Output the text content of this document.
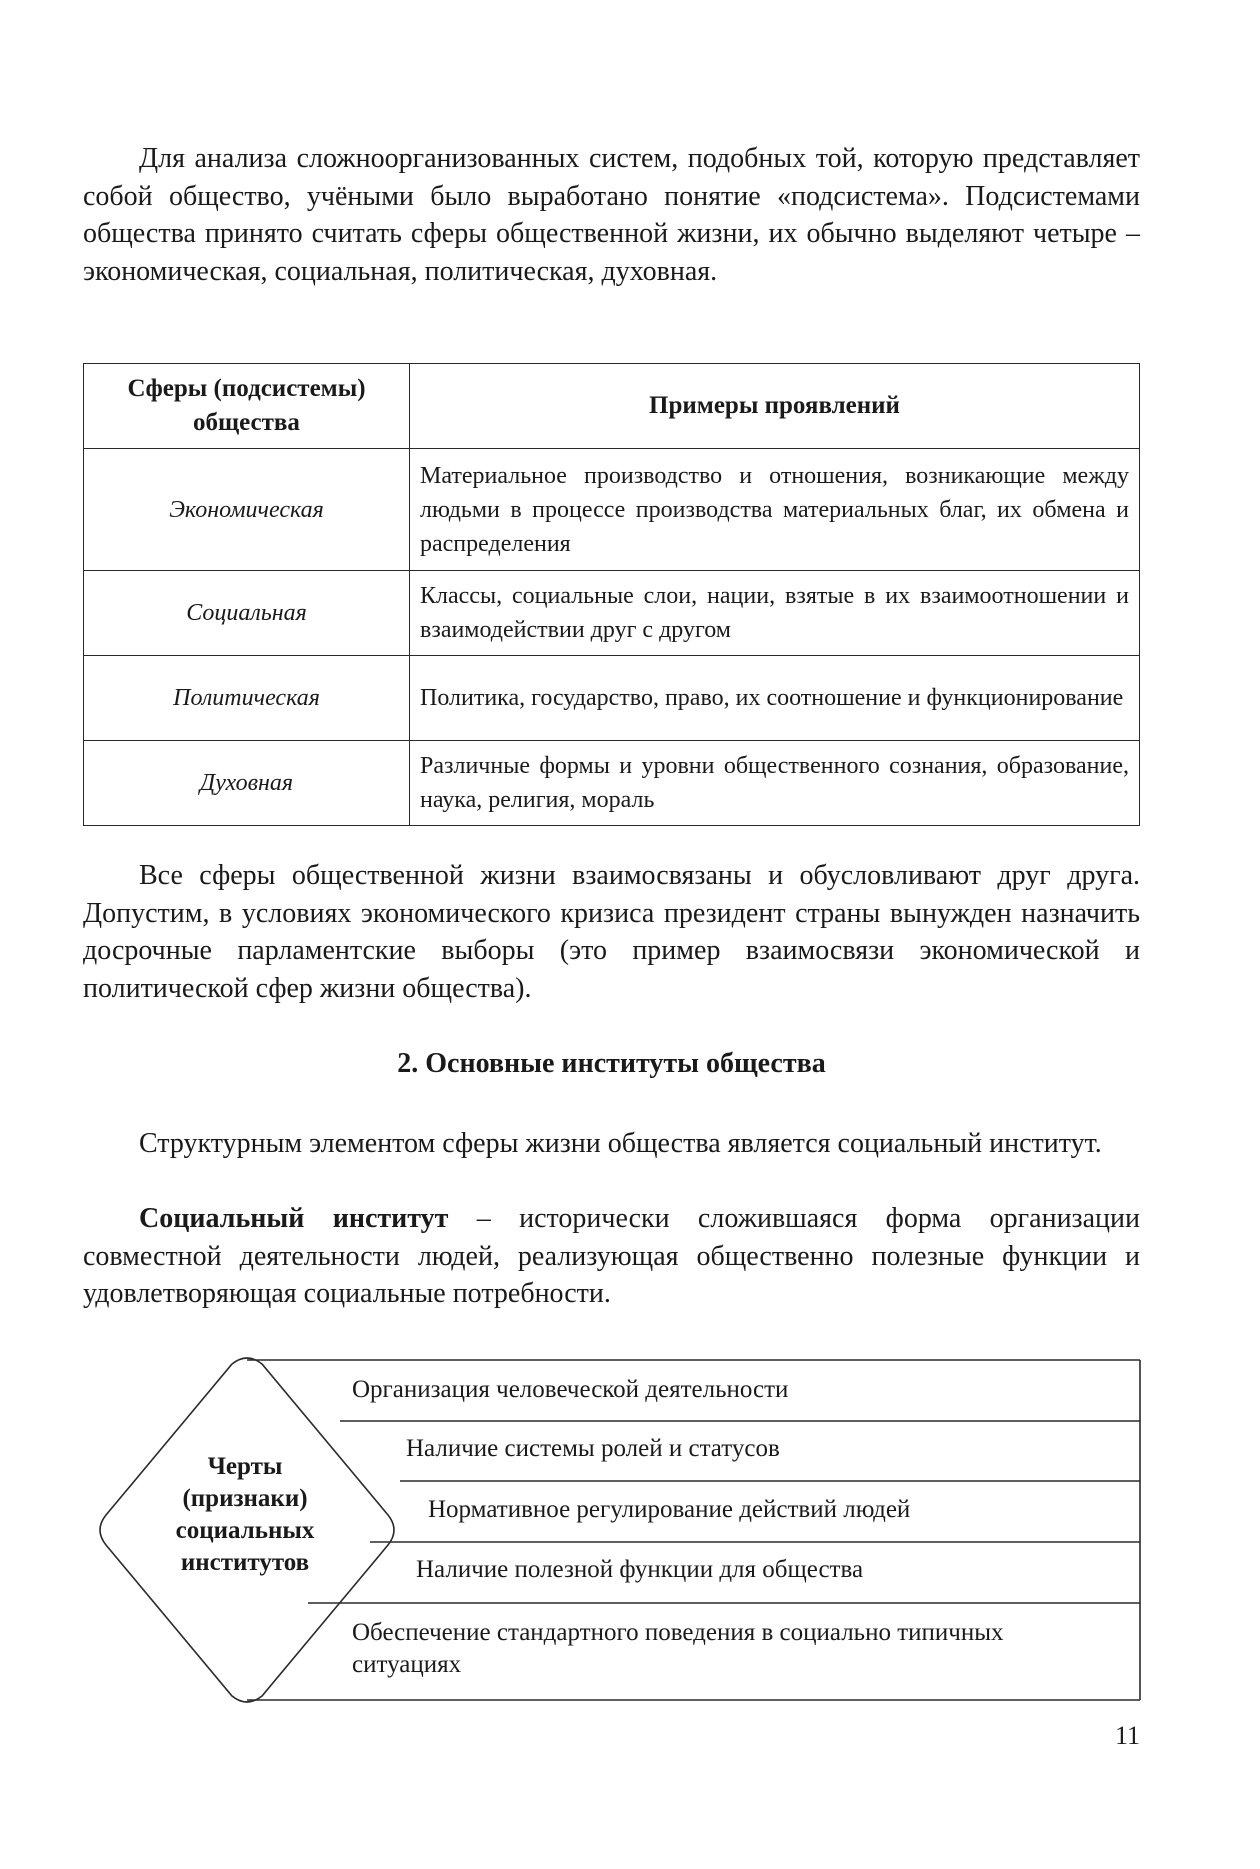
Для анализа сложноорганизованных систем, подобных той, которую представляет собой общество, учёными было выработано понятие «подсистема». Подсистемами общества принято считать сферы общественной жизни, их обычно выделяют четыре – экономическая, социальная, политическая, духовная.

Сферы (подсистемы) общества	Примеры проявлений
Экономическая	Материальное производство и отношения, возникающие между людьми в процессе производства материальных благ, их обмена и распределения
Социальная	Классы, социальные слои, нации, взятые в их взаимоотношении и взаимодействии друг с другом
Политическая	Политика, государство, право, их соотношение и функционирование
Духовная	Различные формы и уровни общественного сознания, образование, наука, религия, мораль

Все сферы общественной жизни взаимосвязаны и обусловливают друг друга. Допустим, в условиях экономического кризиса президент страны вынужден назначить досрочные парламентские выборы (это пример взаимосвязи экономической и политической сфер жизни общества).

2. Основные институты общества

Структурным элементом сферы жизни общества является социальный институт.

Социальный институт – исторически сложившаяся форма организации совместной деятельности людей, реализующая общественно полезные функции и удовлетворяющая социальные потребности.

Черты (признаки) социальных институтов
Организация человеческой деятельности
Наличие системы ролей и статусов
Нормативное регулирование действий людей
Наличие полезной функции для общества
Обеспечение стандартного поведения в социально типичных ситуациях
11
